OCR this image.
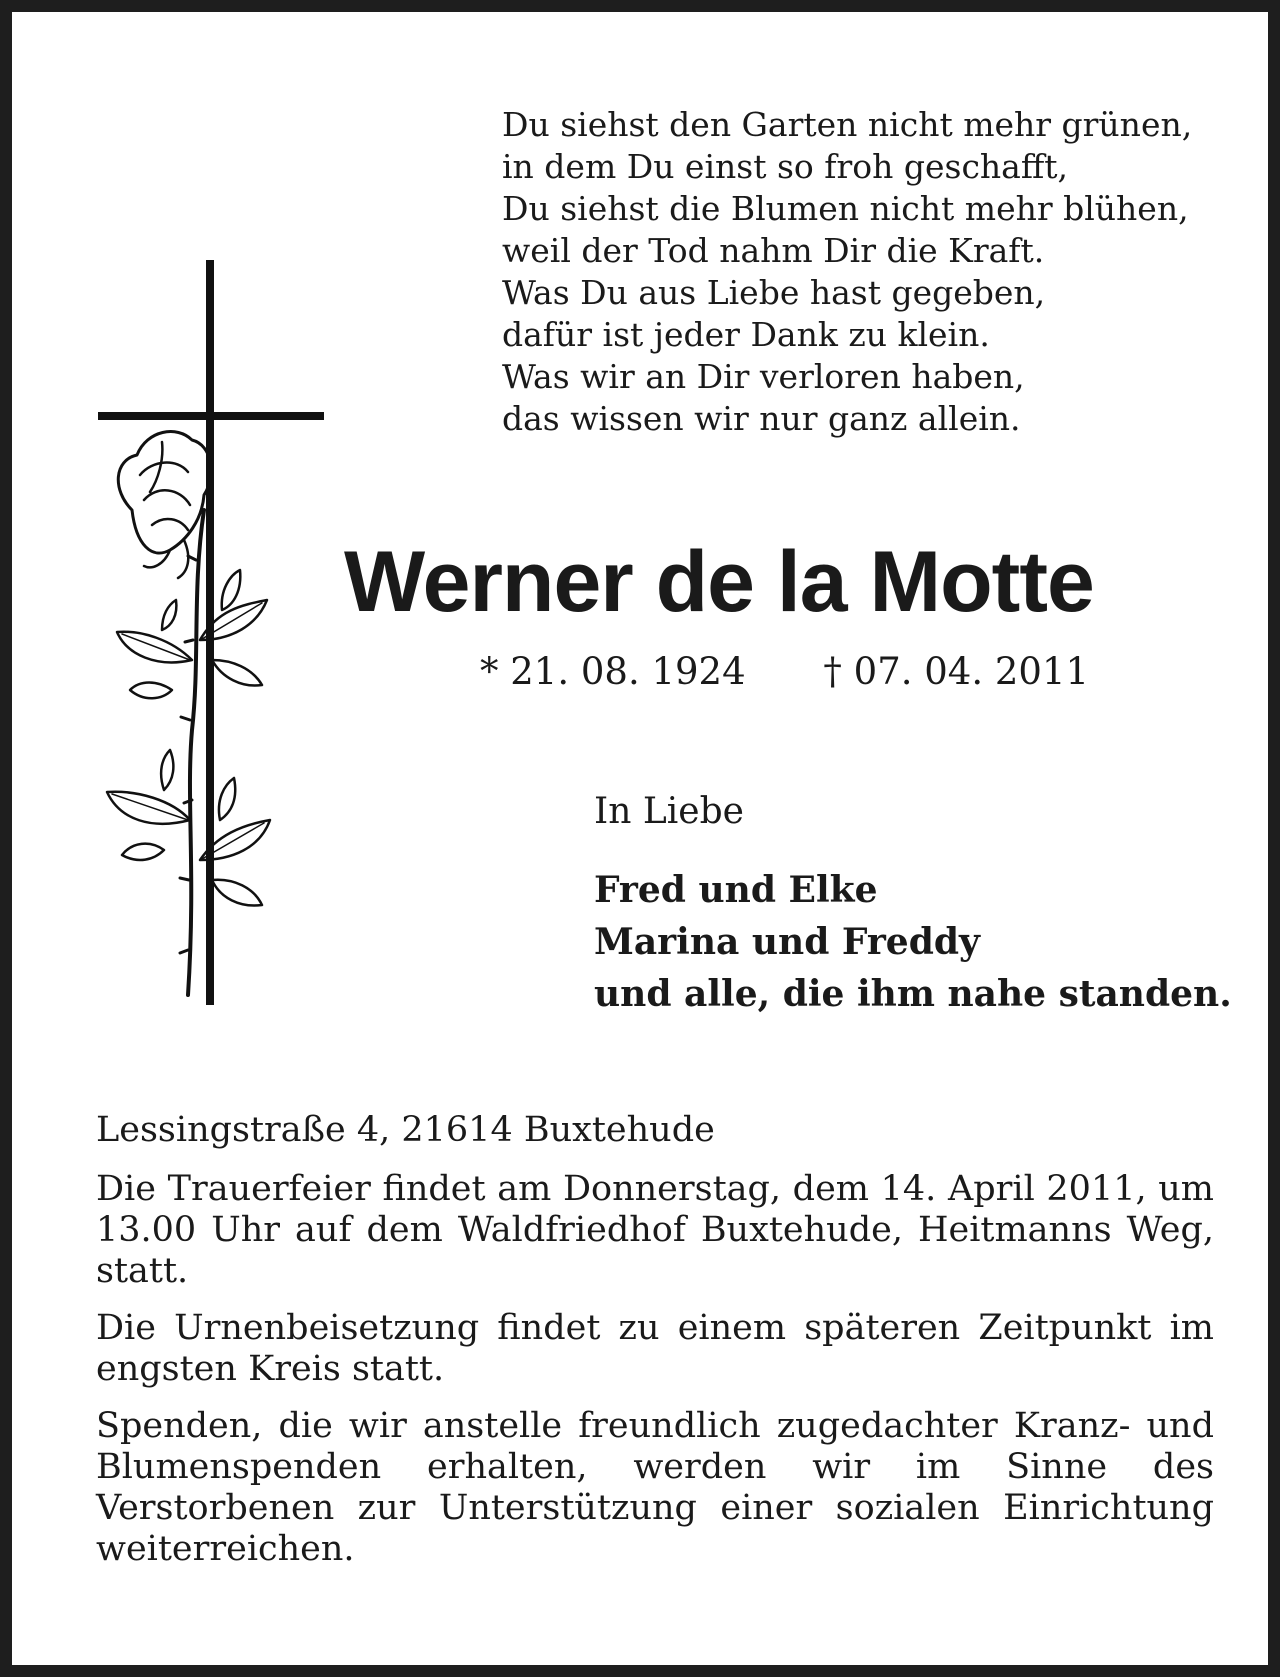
Du siehst den Garten nicht mehr grünen,
in dem Du einst so froh geschafft,
Du siehst die Blumen nicht mehr blühen,
weil der Tod nahm Dir die Kraft.
Was Du aus Liebe hast gegeben,
dafür ist jeder Dank zu klein.
Was wir an Dir verloren haben,
das wissen wir nur ganz allein.
Werner de la Motte
* 21. 08. 1924 † 07. 04. 2011
In Liebe
Fred und Elke
Marina und Freddy
und alle, die ihm nahe standen.

Lessingstraße 4, 21614 Buxtehude

Die Trauerfeier findet am Donnerstag, dem 14. April 2011, um 13.00 Uhr auf dem Waldfriedhof Buxtehude, Heitmanns Weg, statt.

Die Urnenbeisetzung findet zu einem späteren Zeitpunkt im engsten Kreis statt.

Spenden, die wir anstelle freundlich zugedachter Kranz- und Blumenspenden erhalten, werden wir im Sinne des Verstorbenen zur Unterstützung einer sozialen Einrichtung weiterreichen.
